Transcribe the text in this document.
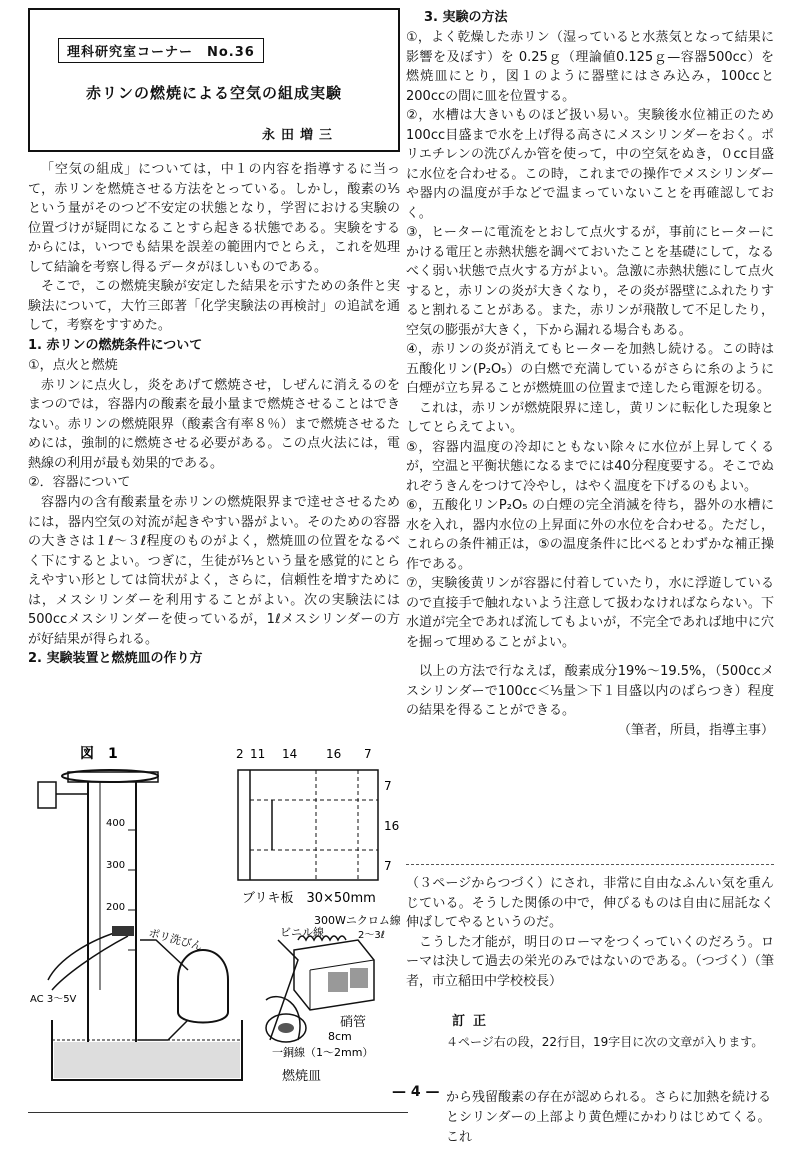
理科研究室コーナー　No.36
赤リンの燃焼による空気の組成実験
永田増三

「空気の組成」については，中１の内容を指導するに当って，赤リンを燃焼させる方法をとっている。しかし，酸素の⅕という量がそのつど不安定の状態となり，学習における実験の位置づけが疑問になることすら起きる状態である。実験をするからには，いつでも結果を誤差の範囲内でとらえ，これを処理して結論を考察し得るデータがほしいものである。

そこで，この燃焼実験が安定した結果を示すための条件と実験法について，大竹三郎著「化学実験法の再検討」の追試を通して，考察をすすめた。

1. 赤リンの燃焼条件について

①，点火と燃焼

赤リンに点火し，炎をあげて燃焼させ，しぜんに消えるのをまつのでは，容器内の酸素を最小量まで燃焼させることはできない。赤リンの燃焼限界（酸素含有率８％）まで燃焼させるためには，強制的に燃焼させる必要がある。この点火法には，電熱線の利用が最も効果的である。

②．容器について

容器内の含有酸素量を赤リンの燃焼限界まで逹せさせるためには，器内空気の対流が起きやすい器がよい。そのための容器の大きさは１ℓ～３ℓ程度のものがよく，燃焼皿の位置をなるべく下にするとよい。つぎに，生徒が⅕という量を感覚的にとらえやすい形としては筒状がよく，さらに，信頼性を増すためには，メスシリンダーを利用することがよい。次の実験法には500ccメスシリンダーを使っているが，1ℓメスシリンダーの方が好結果が得られる。

2. 実験装置と燃焼皿の作り方

図　1
400
300
200
AC 3～5V
ポリ洗びん
2 11 14 16 7
7
16
7
ブリキ板　30×50mm
300Wニクロム線
2～3ℓ
ビニル線
硝管
8cm
一銅線（1～2mm）
燃焼皿

3. 実験の方法

①，よく乾燥した赤リン（湿っていると水蒸気となって結果に影響を及ぼす）を 0.25ｇ（理論値0.125ｇ—容器500cc）を燃焼皿にとり，図１のように器壁にはさみ込み，100ccと200ccの間に皿を位置する。

②，水槽は大きいものほど扱い易い。実験後水位補正のため100cc目盛まで水を上げ得る高さにメスシリンダーをおく。ポリエチレンの洗びんか管を使って，中の空気をぬき，０cc目盛に水位を合わせる。この時，これまでの操作でメスシリンダーや器内の温度が手などで温まっていないことを再確認しておく。

③，ヒーターに電流をとおして点火するが，事前にヒーターにかける電圧と赤熱状態を調べておいたことを基礎にして，なるべく弱い状態で点火する方がよい。急激に赤熱状態にして点火すると，赤リンの炎が大きくなり，その炎が器壁にふれたりすると割れることがある。また，赤リンが飛散して不足したり，空気の膨張が大きく，下から漏れる場合もある。

④，赤リンの炎が消えてもヒーターを加熱し続ける。この時は五酸化リン(P₂O₅）の白燃で充満しているがさらに糸のように白煙が立ち昇ることが燃焼皿の位置まで逹したら電源を切る。

これは，赤リンが燃焼限界に逹し，黄リンに転化した現象としてとらえてよい。

⑤，容器内温度の冷却にともない除々に水位が上昇してくるが，空温と平衡状態になるまでには40分程度要する。そこでぬれぞうきんをつけて冷やし，はやく温度を下げるのもよい。

⑥，五酸化リンP₂O₅ の白煙の完全消滅を待ち，器外の水槽に水を入れ，器内水位の上昇面に外の水位を合わせる。ただし，これらの条件補正は，⑤の温度条件に比べるとわずかな補正操作である。

⑦，実験後黄リンが容器に付着していたり，水に浮遊しているので直接手で触れないよう注意して扱わなければならない。下水道が完全であれば流してもよいが，不完全であれば地中に穴を掘って埋めることがよい。

以上の方法で行なえば，酸素成分19%～19.5%，（500ccメスシリンダーで100cc＜⅕量＞下１目盛以内のばらつき）程度の結果を得ることができる。

（筆者，所員，指導主事）

（３ページからつづく）にされ，非常に自由なふんい気を重んじている。そうした関係の中で，伸びるものは自由に屈託なく伸ばしてやるというのだ。

こうした才能が，明日のローマをつくっていくのだろう。ローマは決して過去の栄光のみではないのである。（つづく）（筆者，市立稲田中学校校長）

訂正

４ページ右の段，22行目，19字目に次の文章が入ります。

— 4 — から残留酸素の存在が認められる。さらに加熱を続けるとシリンダーの上部より黄色煙にかわりはじめてくる。これ
